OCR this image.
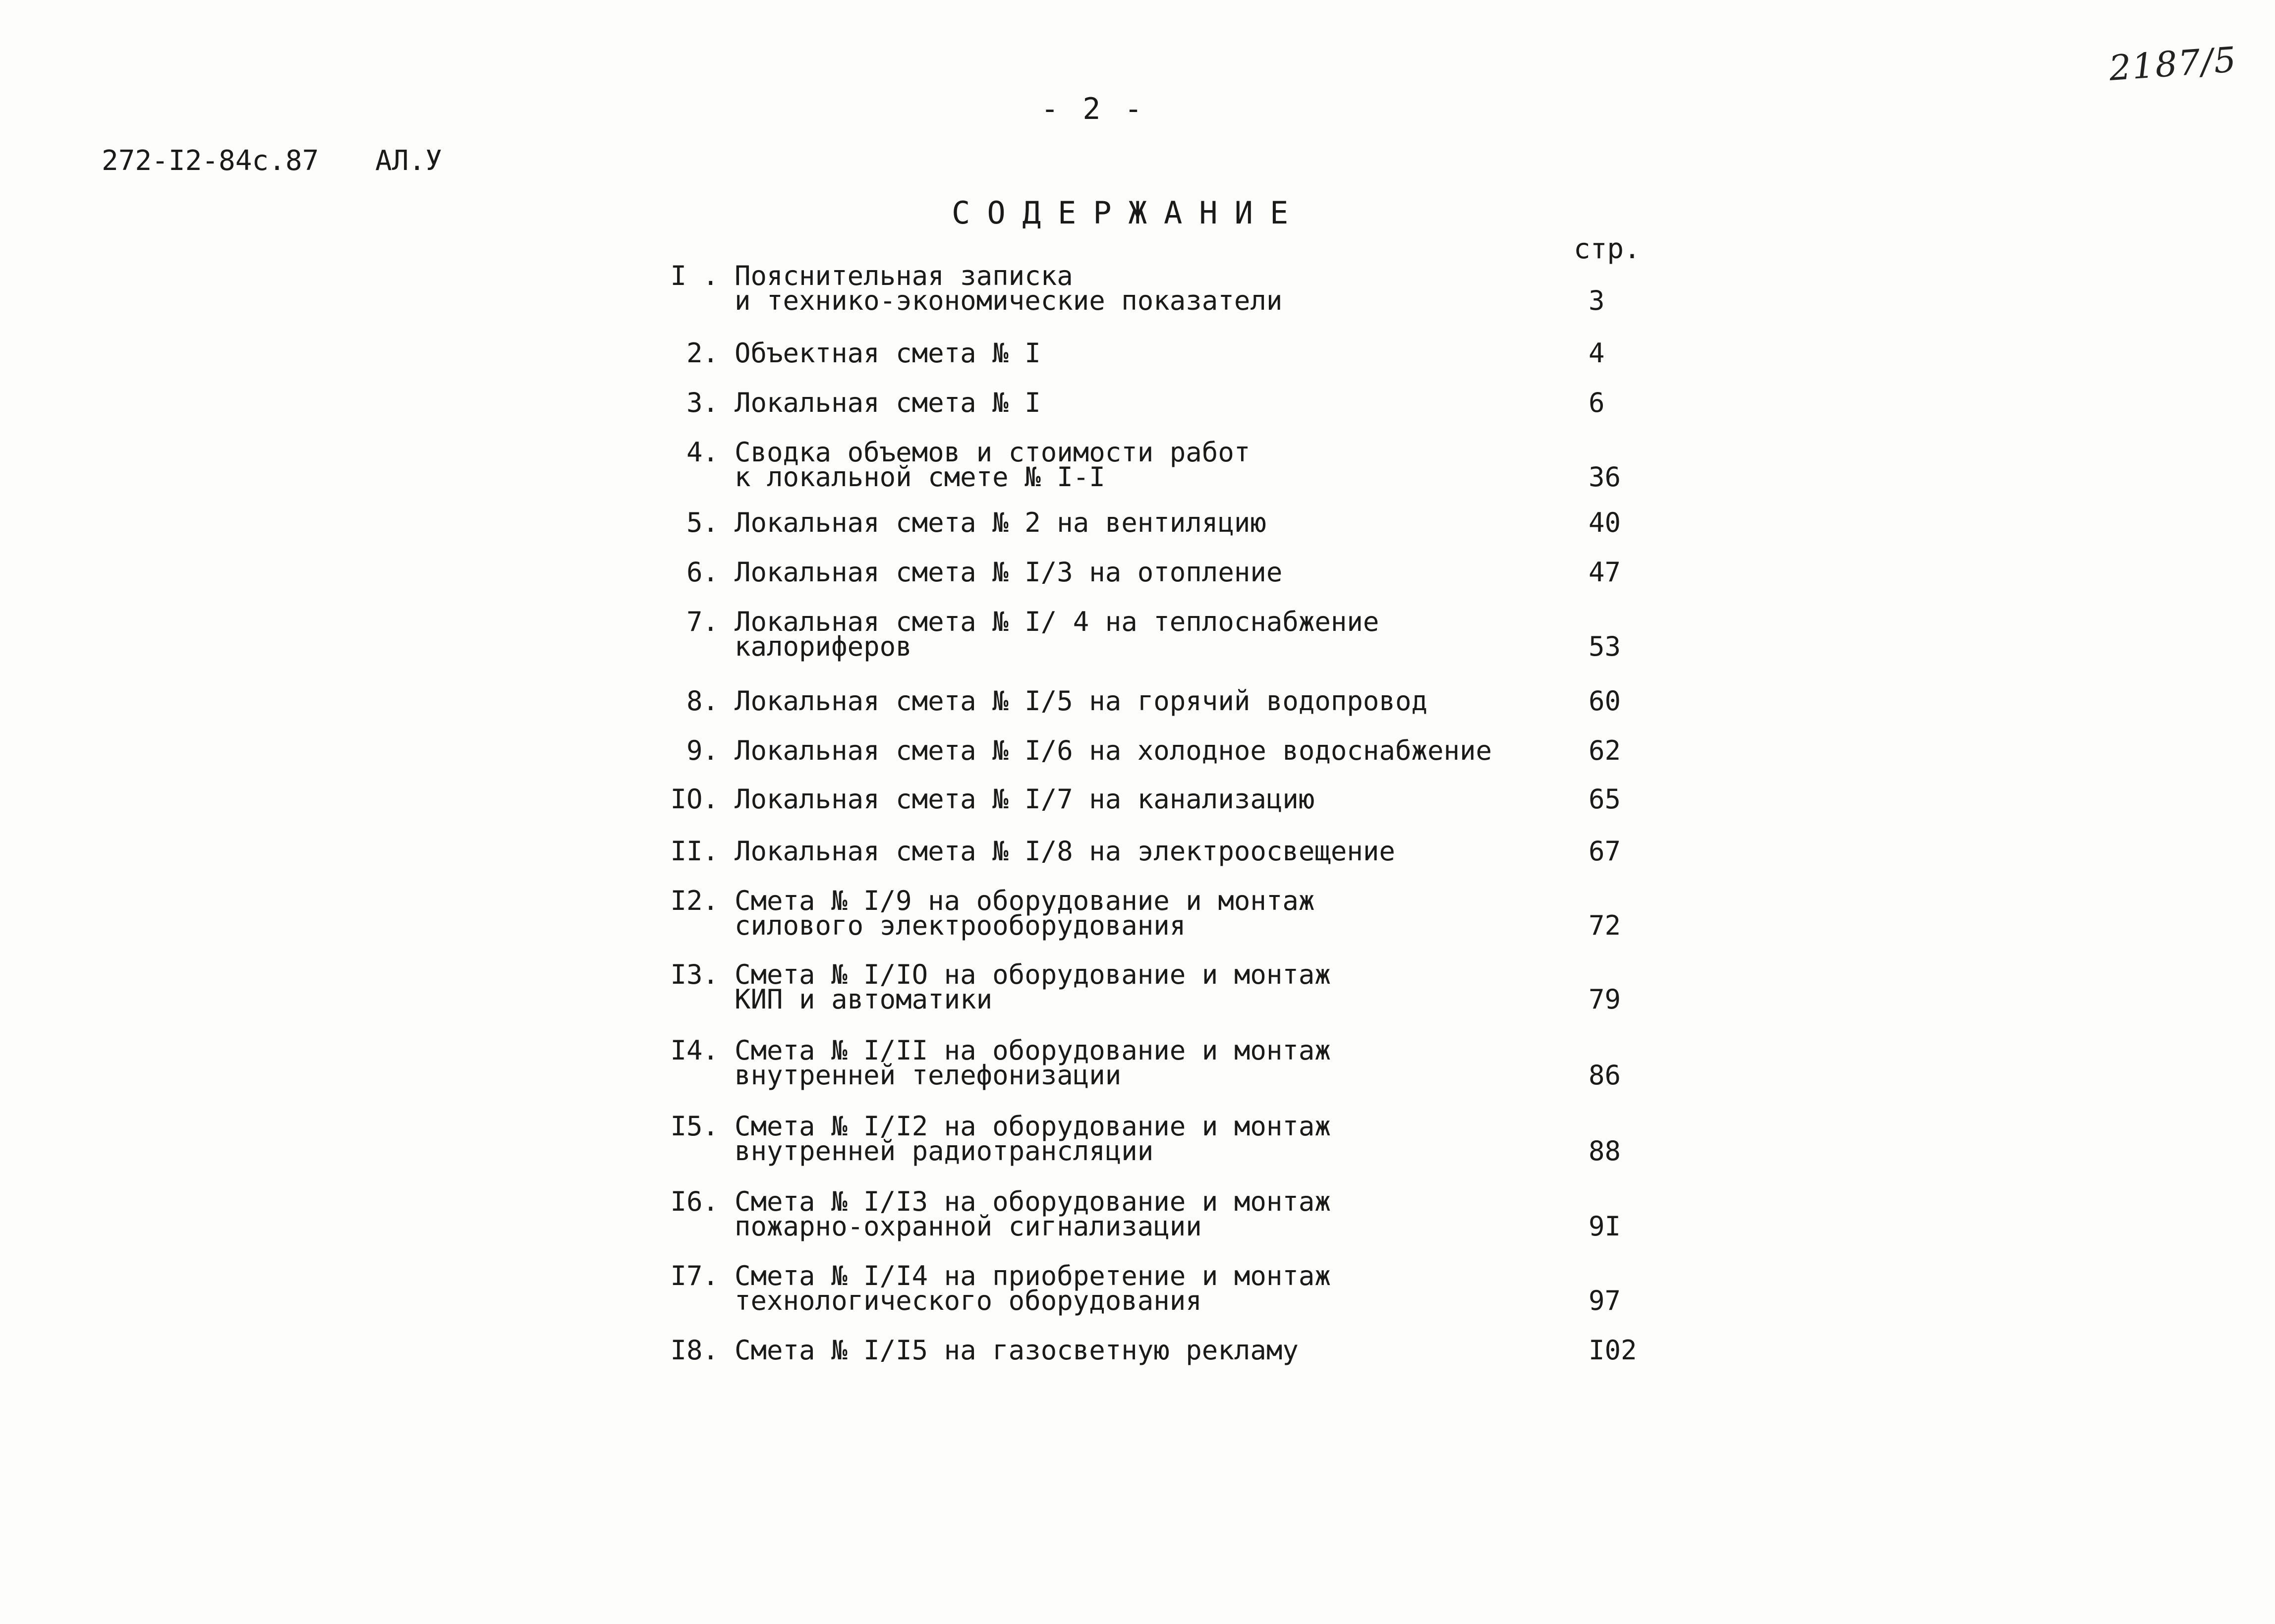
2187/5
- 2 -
272-I2-84с.87 АЛ.У
СОДЕРЖАНИЕ
стр.
I . Пояснительная записка
и технико-экономические показатели	3
2. Объектная смета № I	4
3. Локальная смета № I	6
4. Сводка объемов и стоимости работ
к локальной смете № I-I	36
5. Локальная смета № 2 на вентиляцию	40
6. Локальная смета № I/3 на отопление	47
7. Локальная смета № I/ 4 на теплоснабжение
калориферов	53
8. Локальная смета № I/5 на горячий водопровод	60
9. Локальная смета № I/6 на холодное водоснабжение	62
IO. Локальная смета № I/7 на канализацию	65
II. Локальная смета № I/8 на электроосвещение	67
I2. Смета № I/9 на оборудование и монтаж
силового электрооборудования	72
I3. Смета № I/IO на оборудование и монтаж
КИП и автоматики	79
I4. Смета № I/II на оборудование и монтаж
внутренней телефонизации	86
I5. Смета № I/I2 на оборудование и монтаж
внутренней радиотрансляции	88
I6. Смета № I/I3 на оборудование и монтаж
пожарно-охранной сигнализации	9I
I7. Смета № I/I4 на приобретение и монтаж
технологического оборудования	97
I8. Смета № I/I5 на газосветную рекламу	I02
